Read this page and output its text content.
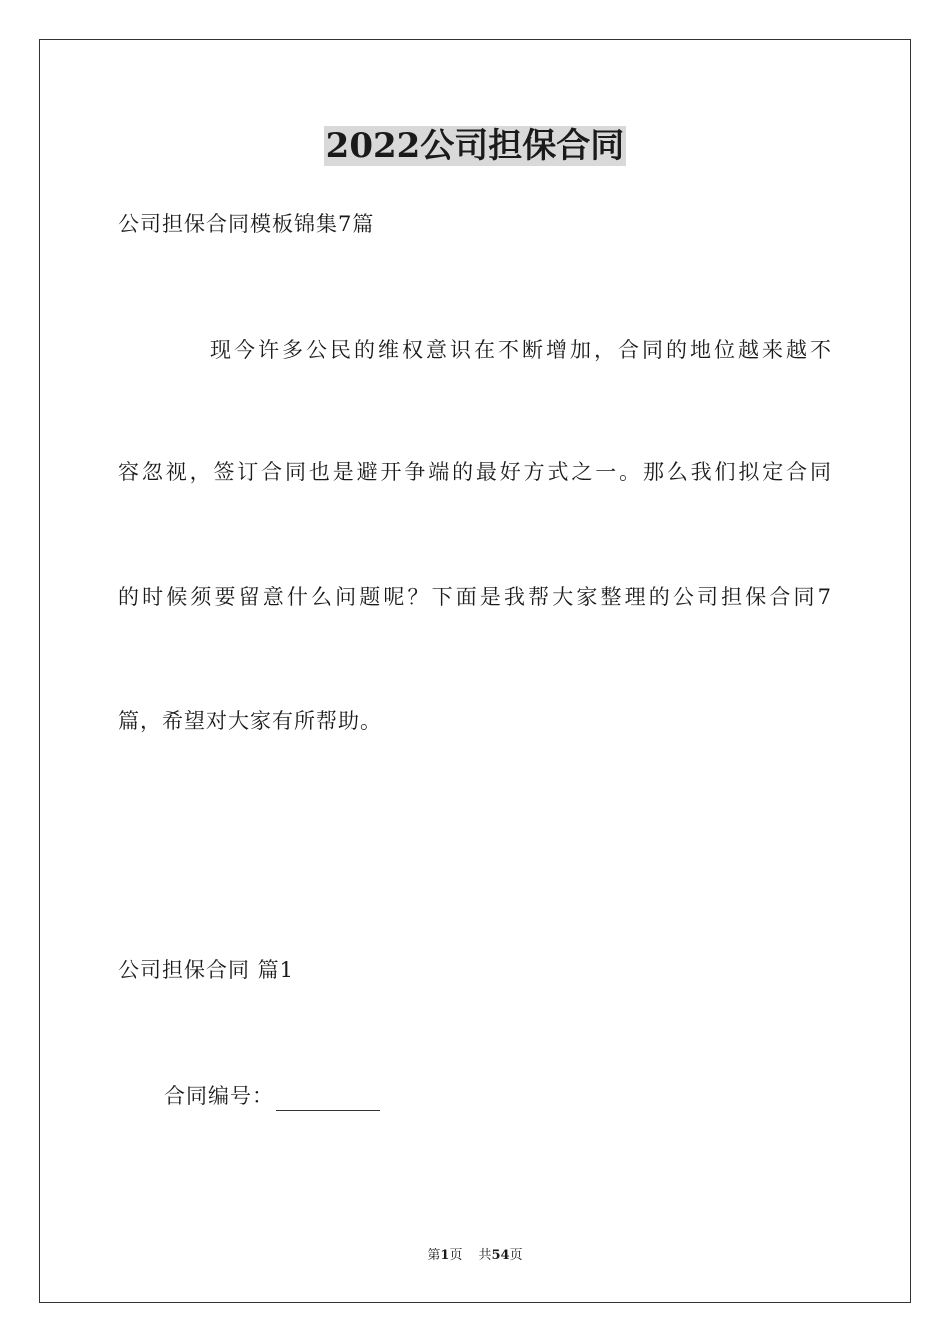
2022公司担保合同

公司担保合同模板锦集7篇

现今许多公民的维权意识在不断增加，合同的地位越来越不

容忽视，签订合同也是避开争端的最好方式之一。那么我们拟定合同

的时候须要留意什么问题呢？下面是我帮大家整理的公司担保合同7

篇，希望对大家有所帮助。

公司担保合同 篇1

合同编号：

第1页 共54页
